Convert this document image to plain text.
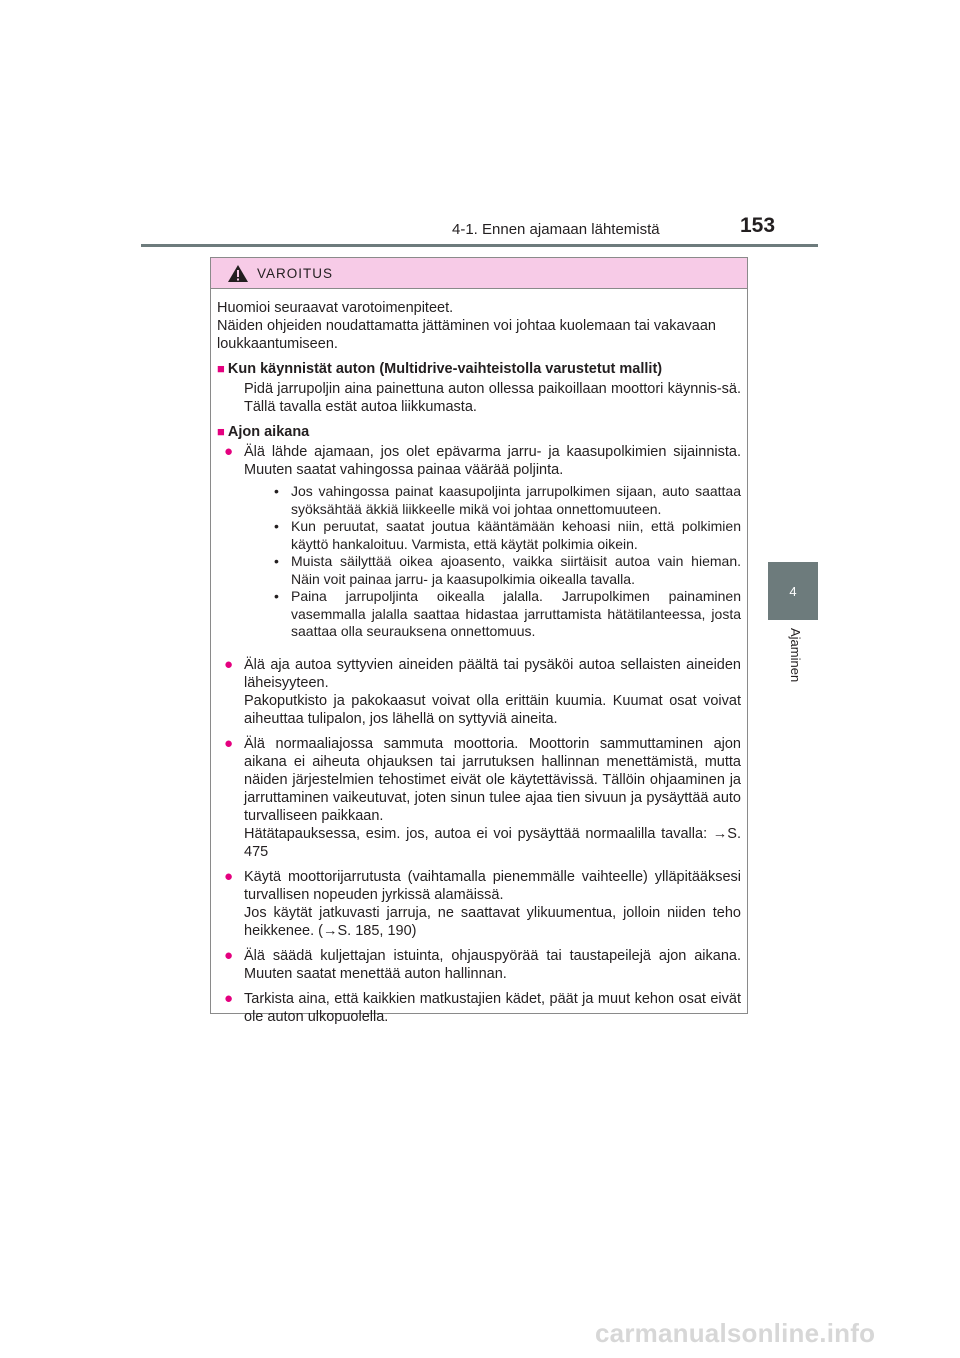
4-1. Ennen ajamaan lähtemistä	153
4
Ajaminen
VAROITUS

Huomioi seuraavat varotoimenpiteet.
Näiden ohjeiden noudattamatta jättäminen voi johtaa kuolemaan tai vakavaan loukkaantumiseen.

■ Kun käynnistät auton (Multidrive-vaihteistolla varustetut mallit)

Pidä jarrupoljin aina painettuna auton ollessa paikoillaan moottori käynnis-sä. Tällä tavalla estät autoa liikkumasta.

■ Ajon aikana
● Älä lähde ajamaan, jos olet epävarma jarru- ja kaasupolkimien sijainnista. Muuten saatat vahingossa painaa väärää poljinta.
• Jos vahingossa painat kaasupoljinta jarrupolkimen sijaan, auto saattaa syöksähtää äkkiä liikkeelle mikä voi johtaa onnettomuuteen.
• Kun peruutat, saatat joutua kääntämään kehoasi niin, että polkimien käyttö hankaloituu. Varmista, että käytät polkimia oikein.
• Muista säilyttää oikea ajoasento, vaikka siirtäisit autoa vain hieman. Näin voit painaa jarru- ja kaasupolkimia oikealla tavalla.
• Paina jarrupoljinta oikealla jalalla. Jarrupolkimen painaminen vasemmalla jalalla saattaa hidastaa jarruttamista hätätilanteessa, josta saattaa olla seurauksena onnettomuus.
● Älä aja autoa syttyvien aineiden päältä tai pysäköi autoa sellaisten aineiden läheisyyteen.
Pakoputkisto ja pakokaasut voivat olla erittäin kuumia. Kuumat osat voivat aiheuttaa tulipalon, jos lähellä on syttyviä aineita.
● Älä normaaliajossa sammuta moottoria. Moottorin sammuttaminen ajon aikana ei aiheuta ohjauksen tai jarrutuksen hallinnan menettämistä, mutta näiden järjestelmien tehostimet eivät ole käytettävissä. Tällöin ohjaaminen ja jarruttaminen vaikeutuvat, joten sinun tulee ajaa tien sivuun ja pysäyttää auto turvalliseen paikkaan.
Hätätapauksessa, esim. jos, autoa ei voi pysäyttää normaalilla tavalla: →S. 475
● Käytä moottorijarrutusta (vaihtamalla pienemmälle vaihteelle) ylläpitääksesi turvallisen nopeuden jyrkissä alamäissä.
Jos käytät jatkuvasti jarruja, ne saattavat ylikuumentua, jolloin niiden teho heikkenee. (→S. 185, 190)
● Älä säädä kuljettajan istuinta, ohjauspyörää tai taustapeilejä ajon aikana. Muuten saatat menettää auton hallinnan.
● Tarkista aina, että kaikkien matkustajien kädet, päät ja muut kehon osat eivät ole auton ulkopuolella.
carmanualsonline.info
